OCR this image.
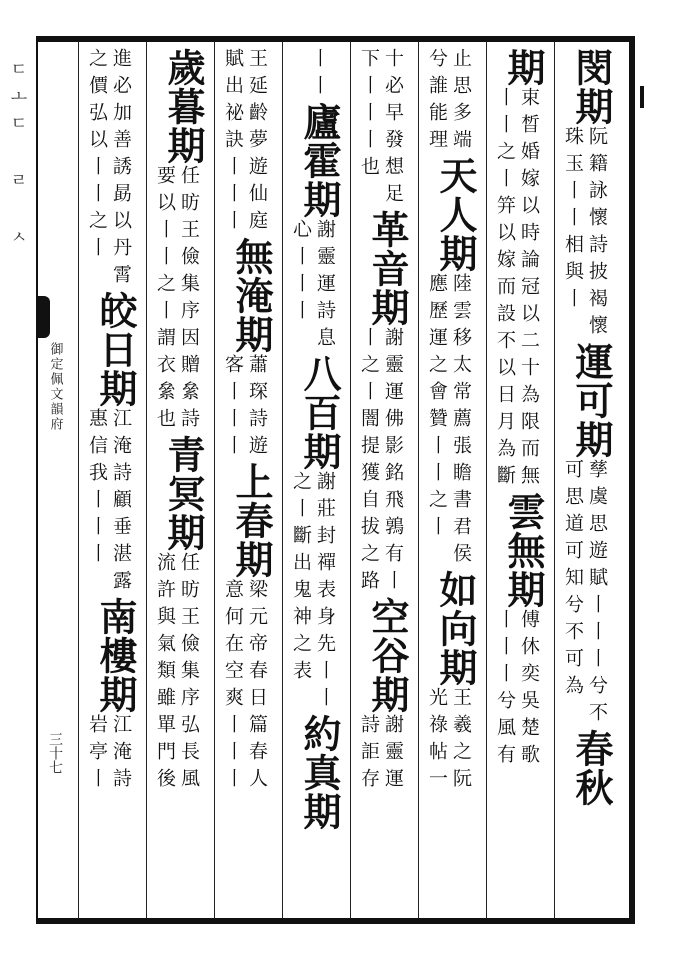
ㄷㅗㄷ ㄹ ㅅ
御定佩文韻府
三十七
閔期
阮籍詠懷詩披褐懷
珠玉丨丨相與丨
運可期
孳虞思遊賦丨丨丨兮不
可思道可知兮不可為
春秋
期
束晳婚嫁以時論冠以二十為限而無
丨丨之丨笄以嫁而設不以日月為斷
雲無期
傅休奕吳楚歌
丨丨丨兮風有
止思多端
兮誰能理
天人期
陸雲移太常薦張瞻書君侯
應歷運之會贊丨丨之丨
如向期
王羲之阮
光祿帖一
十必早發想足
下丨丨丨也
革音期
謝靈運佛影銘飛鶉有丨
丨之丨闇提獲自拔之路
空谷期
謝靈運
詩詎存
丨丨
廬霍期
謝靈運詩息
心丨丨丨
八百期
謝莊封禪表身先丨丨
之丨斷出鬼神之表
約真期
王延齡夢遊仙庭
賦出祕訣丨丨丨
無淹期
蕭琛詩遊
客丨丨丨
上春期
梁元帝春日篇春人
意何在空爽丨丨丨
歲暮期
任昉王儉集序因贈絫詩
要以丨丨之丨謂衣絫也
青冥期
任昉王儉集序弘長風
流許與氣類雖單門後
進必加善誘勗以丹霄
之價弘以丨丨之丨
皎日期
江淹詩顧垂湛露
惠信我丨丨丨
南樓期
江淹詩
岩亭丨
